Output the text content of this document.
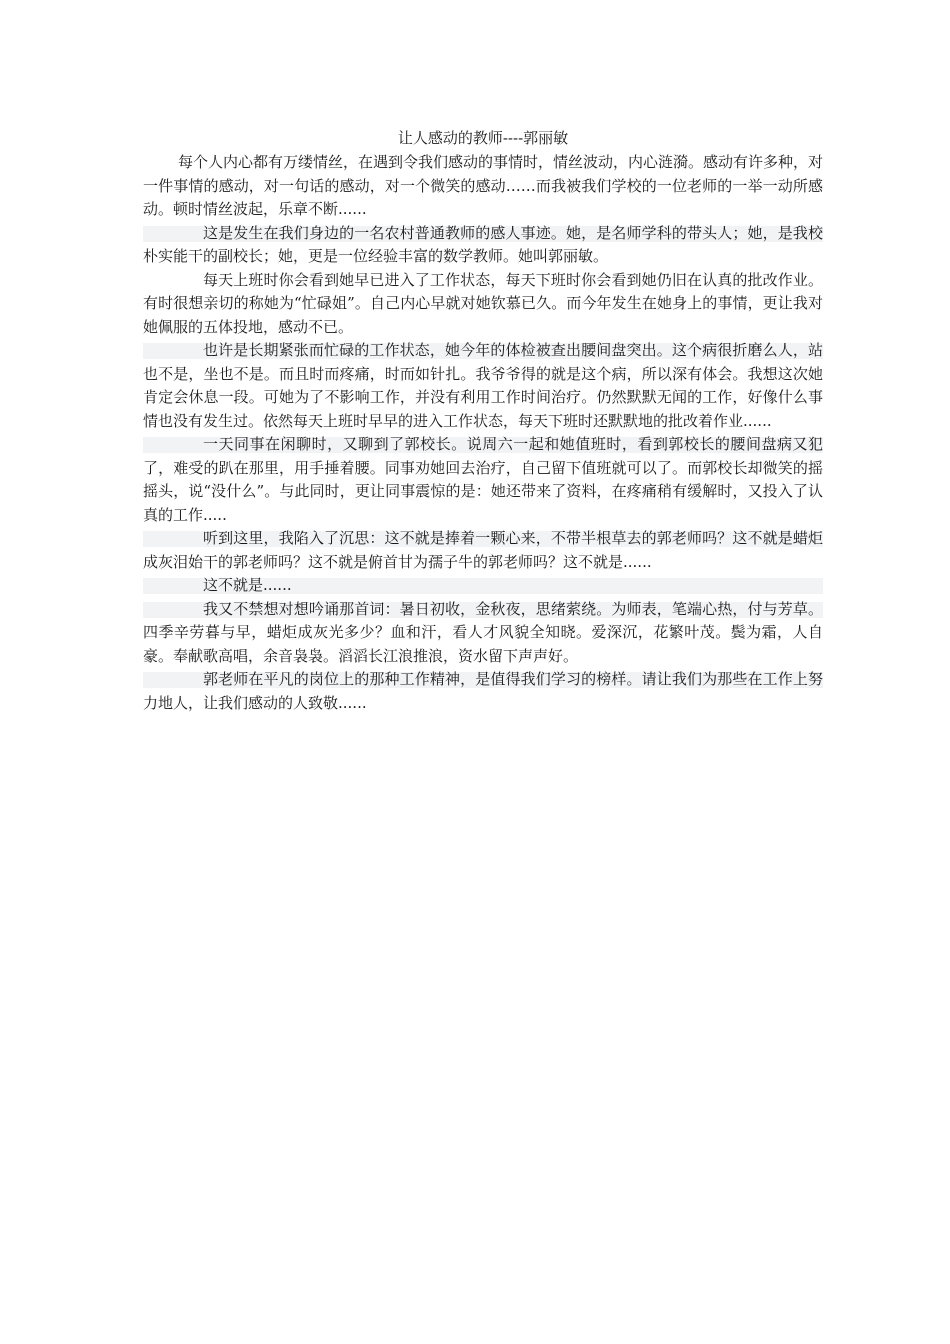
让人感动的教师----郭丽敏

每个人内心都有万缕情丝，在遇到令我们感动的事情时，情丝波动，内心涟漪。感动有许多种，对一件事情的感动，对一句话的感动，对一个微笑的感动……而我被我们学校的一位老师的一举一动所感动。顿时情丝波起，乐章不断......

这是发生在我们身边的一名农村普通教师的感人事迹。她，是名师学科的带头人；她，是我校朴实能干的副校长；她，更是一位经验丰富的数学教师。她叫郭丽敏。

每天上班时你会看到她早已进入了工作状态，每天下班时你会看到她仍旧在认真的批改作业。有时很想亲切的称她为“忙碌姐”。自己内心早就对她钦慕已久。而今年发生在她身上的事情，更让我对她佩服的五体投地，感动不已。

也许是长期紧张而忙碌的工作状态，她今年的体检被查出腰间盘突出。这个病很折磨么人，站也不是，坐也不是。而且时而疼痛，时而如针扎。我爷爷得的就是这个病，所以深有体会。我想这次她肯定会休息一段。可她为了不影响工作，并没有利用工作时间治疗。仍然默默无闻的工作，好像什么事情也没有发生过。依然每天上班时早早的进入工作状态，每天下班时还默默地的批改着作业......

一天同事在闲聊时，又聊到了郭校长。说周六一起和她值班时，看到郭校长的腰间盘病又犯了，难受的趴在那里，用手捶着腰。同事劝她回去治疗，自己留下值班就可以了。而郭校长却微笑的摇摇头，说“没什么”。与此同时，更让同事震惊的是：她还带来了资料，在疼痛稍有缓解时，又投入了认真的工作.....

听到这里，我陷入了沉思：这不就是捧着一颗心来，不带半根草去的郭老师吗？这不就是蜡炬成灰泪始干的郭老师吗？这不就是俯首甘为孺子牛的郭老师吗？这不就是......

这不就是......

我又不禁想对想吟诵那首词：暑日初收，金秋夜，思绪萦绕。为师表，笔端心热，付与芳草。四季辛劳暮与早，蜡炬成灰光多少？血和汗，看人才风貌全知晓。爱深沉，花繁叶茂。鬓为霜，人自豪。奉献歌高唱，余音袅袅。滔滔长江浪推浪，资水留下声声好。

郭老师在平凡的岗位上的那种工作精神，是值得我们学习的榜样。请让我们为那些在工作上努力地人，让我们感动的人致敬......
